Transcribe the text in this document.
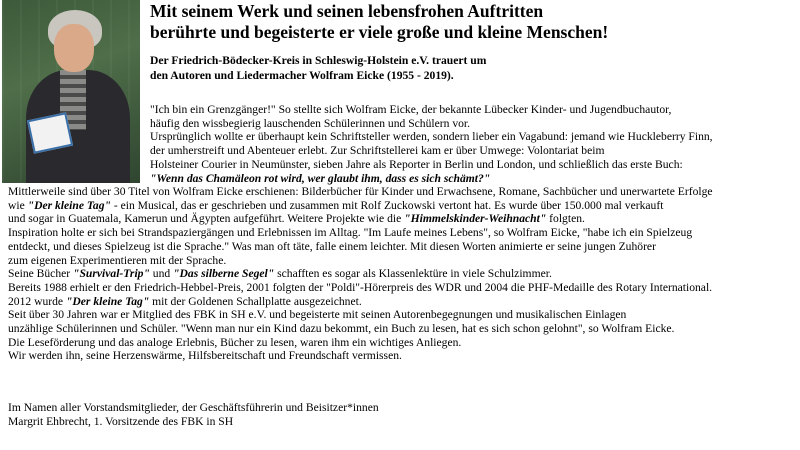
Mit seinem Werk und seinen lebensfrohen Auftritten
berührte und begeisterte er viele große und kleine Menschen!
Der Friedrich-Bödecker-Kreis in Schleswig-Holstein e.V. trauert um
den Autoren und Liedermacher Wolfram Eicke (1955 - 2019).
"Ich bin ein Grenzgänger!" So stellte sich Wolfram Eicke, der bekannte Lübecker Kinder- und Jugendbuchautor,
häufig den wissbegierig lauschenden Schülerinnen und Schülern vor.
Ursprünglich wollte er überhaupt kein Schriftsteller werden, sondern lieber ein Vagabund: jemand wie Huckleberry Finn,
der umherstreift und Abenteuer erlebt. Zur Schriftstellerei kam er über Umwege: Volontariat beim
Holsteiner Courier in Neumünster, sieben Jahre als Reporter in Berlin und London, und schließlich das erste Buch:
"Wenn das Chamäleon rot wird, wer glaubt ihm, dass es sich schämt?"
Mittlerweile sind über 30 Titel von Wolfram Eicke erschienen: Bilderbücher für Kinder und Erwachsene, Romane, Sachbücher und unerwartete Erfolge
wie "Der kleine Tag" - ein Musical, das er geschrieben und zusammen mit Rolf Zuckowski vertont hat. Es wurde über 150.000 mal verkauft
und sogar in Guatemala, Kamerun und Ägypten aufgeführt. Weitere Projekte wie die "Himmelskinder-Weihnacht" folgten.
Inspiration holte er sich bei Strandspaziergängen und Erlebnissen im Alltag. "Im Laufe meines Lebens", so Wolfram Eicke, "habe ich ein Spielzeug
entdeckt, und dieses Spielzeug ist die Sprache." Was man oft täte, falle einem leichter. Mit diesen Worten animierte er seine jungen Zuhörer
zum eigenen Experimentieren mit der Sprache.
Seine Bücher "Survival-Trip" und "Das silberne Segel" schafften es sogar als Klassenlektüre in viele Schulzimmer.
Bereits 1988 erhielt er den Friedrich-Hebbel-Preis, 2001 folgten der "Poldi"-Hörerpreis des WDR und 2004 die PHF-Medaille des Rotary International.
2012 wurde "Der kleine Tag" mit der Goldenen Schallplatte ausgezeichnet.
Seit über 30 Jahren war er Mitglied des FBK in SH e.V. und begeisterte mit seinen Autorenbegegnungen und musikalischen Einlagen
unzählige Schülerinnen und Schüler. "Wenn man nur ein Kind dazu bekommt, ein Buch zu lesen, hat es sich schon gelohnt", so Wolfram Eicke.
Die Leseförderung und das analoge Erlebnis, Bücher zu lesen, waren ihm ein wichtiges Anliegen.
Wir werden ihn, seine Herzenswärme, Hilfsbereitschaft und Freundschaft vermissen.
Im Namen aller Vorstandsmitglieder, der Geschäftsführerin und Beisitzer*innen
Margrit Ehbrecht, 1. Vorsitzende des FBK in SH
